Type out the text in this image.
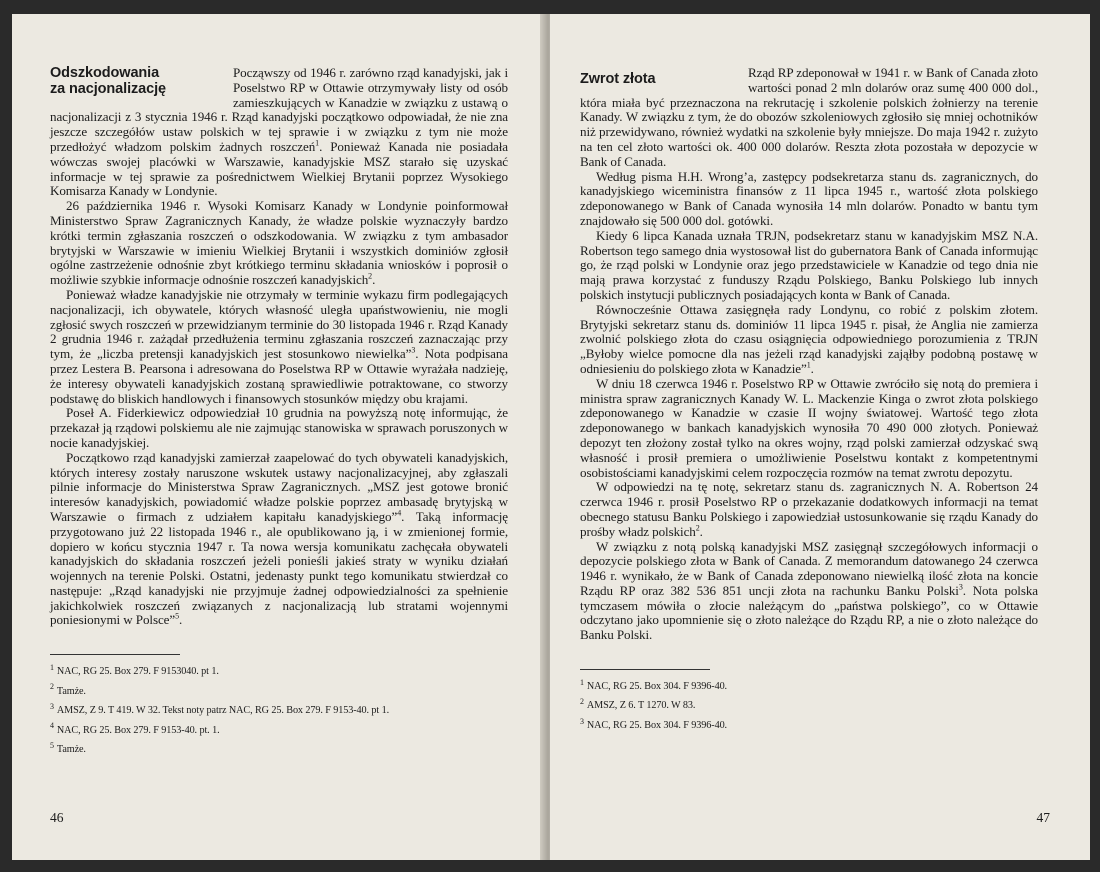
Odszkodowania
za nacjonalizację

Począwszy od 1946 r. zarówno rząd kanadyjski, jak i Poselstwo RP w Ottawie otrzymywały listy od osób zamieszkujących w Kanadzie w związku z ustawą o nacjonalizacji z 3 stycznia 1946 r. Rząd kanadyjski początkowo odpowiadał, że nie zna jeszcze szczegółów ustaw polskich w tej sprawie i w związku z tym nie może przedłożyć władzom polskim żadnych roszczeń$^1$. Ponieważ Kanada nie posiadała wówczas swojej placówki w Warszawie, kanadyjskie MSZ starało się uzyskać informacje w tej sprawie za pośrednictwem Wielkiej Brytanii poprzez Wysokiego Komisarza Kanady w Londynie.

26 października 1946 r. Wysoki Komisarz Kanady w Londynie poinformował Ministerstwo Spraw Zagranicznych Kanady, że władze polskie wyznaczyły bardzo krótki termin zgłaszania roszczeń o odszkodowania. W związku z tym ambasador brytyjski w Warszawie w imieniu Wielkiej Brytanii i wszystkich dominiów zgłosił ogólne zastrzeżenie odnośnie zbyt krótkiego terminu składania wniosków i poprosił o możliwie szybkie informacje odnośnie roszczeń kanadyjskich$^2$.

Ponieważ władze kanadyjskie nie otrzymały w terminie wykazu firm podlegających nacjonalizacji, ich obywatele, których własność uległa upaństwowieniu, nie mogli zgłosić swych roszczeń w przewidzianym terminie do 30 listopada 1946 r. Rząd Kanady 2 grudnia 1946 r. zażądał przedłużenia terminu zgłaszania roszczeń zaznaczając przy tym, że „liczba pretensji kanadyjskich jest stosunkowo niewielka”$^3$. Nota podpisana przez Lestera B. Pearsona i adresowana do Poselstwa RP w Ottawie wyrażała nadzieję, że interesy obywateli kanadyjskich zostaną sprawiedliwie potraktowane, co stworzy podstawę do bliskich handlowych i finansowych stosunków między obu krajami.

Poseł A. Fiderkiewicz odpowiedział 10 grudnia na powyższą notę informując, że przekazał ją rządowi polskiemu ale nie zajmując stanowiska w sprawach poruszonych w nocie kanadyjskiej.

Początkowo rząd kanadyjski zamierzał zaapelować do tych obywateli kanadyjskich, których interesy zostały naruszone wskutek ustawy nacjonalizacyjnej, aby zgłaszali pilnie informacje do Ministerstwa Spraw Zagranicznych. „MSZ jest gotowe bronić interesów kanadyjskich, powiadomić władze polskie poprzez ambasadę brytyjską w Warszawie o firmach z udziałem kapitału kanadyjskiego”$^4$. Taką informację przygotowano już 22 listopada 1946 r., ale opublikowano ją, i w zmienionej formie, dopiero w końcu stycznia 1947 r. Ta nowa wersja komunikatu zachęcała obywateli kanadyjskich do składania roszczeń jeżeli ponieśli jakieś straty w wyniku działań wojennych na terenie Polski. Ostatni, jedenasty punkt tego komunikatu stwierdzał co następuje: „Rząd kanadyjski nie przyjmuje żadnej odpowiedzialności za spełnienie jakichkolwiek roszczeń związanych z nacjonalizacją lub stratami wojennymi poniesionymi w Polsce”$^5$.

$^1$ NAC, RG 25. Box 279. F 9153040. pt 1.
$^2$ Tamże.
$^3$ AMSZ, Z 9. T 419. W 32. Tekst noty patrz NAC, RG 25. Box 279. F 9153-40. pt 1.
$^4$ NAC, RG 25. Box 279. F 9153-40. pt. 1.
$^5$ Tamże.
46
Zwrot złota	Rząd RP zdeponował w 1941 r. w Bank of Canada złoto wartości ponad 2 mln dolarów oraz sumę 400 000 dol., która miała być przeznaczona na rekrutację i szkolenie polskich żołnierzy na terenie Kanady. W związku z tym, że do obozów szkoleniowych zgłosiło się mniej ochotników niż przewidywano, również wydatki na szkolenie były mniejsze. Do maja 1942 r. zużyto na ten cel złoto wartości ok. 400 000 dolarów. Reszta złota pozostała w depozycie w Bank of Canada.

Według pisma H.H. Wrong’a, zastępcy podsekretarza stanu ds. zagranicznych, do kanadyjskiego wiceministra finansów z 11 lipca 1945 r., wartość złota polskiego zdeponowanego w Bank of Canada wynosiła 14 mln dolarów. Ponadto w bantu tym znajdowało się 500 000 dol. gotówki.

Kiedy 6 lipca Kanada uznała TRJN, podsekretarz stanu w kanadyjskim MSZ N.A. Robertson tego samego dnia wystosował list do gubernatora Bank of Canada informując go, że rząd polski w Londynie oraz jego przedstawiciele w Kanadzie od tego dnia nie mają prawa korzystać z funduszy Rządu Polskiego, Banku Polskiego lub innych polskich instytucji publicznych posiadających konta w Bank of Canada.

Równocześnie Ottawa zasięgnęła rady Londynu, co robić z polskim złotem. Brytyjski sekretarz stanu ds. dominiów 11 lipca 1945 r. pisał, że Anglia nie zamierza zwolnić polskiego złota do czasu osiągnięcia odpowiedniego porozumienia z TRJN „Byłoby wielce pomocne dla nas jeżeli rząd kanadyjski zająłby podobną postawę w odniesieniu do polskiego złota w Kanadzie”$^1$.

W dniu 18 czerwca 1946 r. Poselstwo RP w Ottawie zwróciło się notą do premiera i ministra spraw zagranicznych Kanady W. L. Mackenzie Kinga o zwrot złota polskiego zdeponowanego w Kanadzie w czasie II wojny światowej. Wartość tego złota zdeponowanego w bankach kanadyjskich wynosiła 70 490 000 złotych. Ponieważ depozyt ten złożony został tylko na okres wojny, rząd polski zamierzał odzyskać swą własność i prosił premiera o umożliwienie Poselstwu kontakt z kompetentnymi osobistościami kanadyjskimi celem rozpoczęcia rozmów na temat zwrotu depozytu.

W odpowiedzi na tę notę, sekretarz stanu ds. zagranicznych N. A. Robertson 24 czerwca 1946 r. prosił Poselstwo RP o przekazanie dodatkowych informacji na temat obecnego statusu Banku Polskiego i zapowiedział ustosunkowanie się rządu Kanady do prośby władz polskich$^2$.

W związku z notą polską kanadyjski MSZ zasięgnął szczegółowych informacji o depozycie polskiego złota w Bank of Canada. Z memorandum datowanego 24 czerwca 1946 r. wynikało, że w Bank of Canada zdeponowano niewielką ilość złota na koncie Rządu RP oraz 382 536 851 uncji złota na rachunku Banku Polski$^3$. Nota polska tymczasem mówiła o złocie należącym do „państwa polskiego”, co w Ottawie odczytano jako upomnienie się o złoto należące do Rządu RP, a nie o złoto należące do Banku Polski.

$^1$ NAC, RG 25. Box 304. F 9396-40.
$^2$ AMSZ, Z 6. T 1270. W 83.
$^3$ NAC, RG 25. Box 304. F 9396-40.
47
